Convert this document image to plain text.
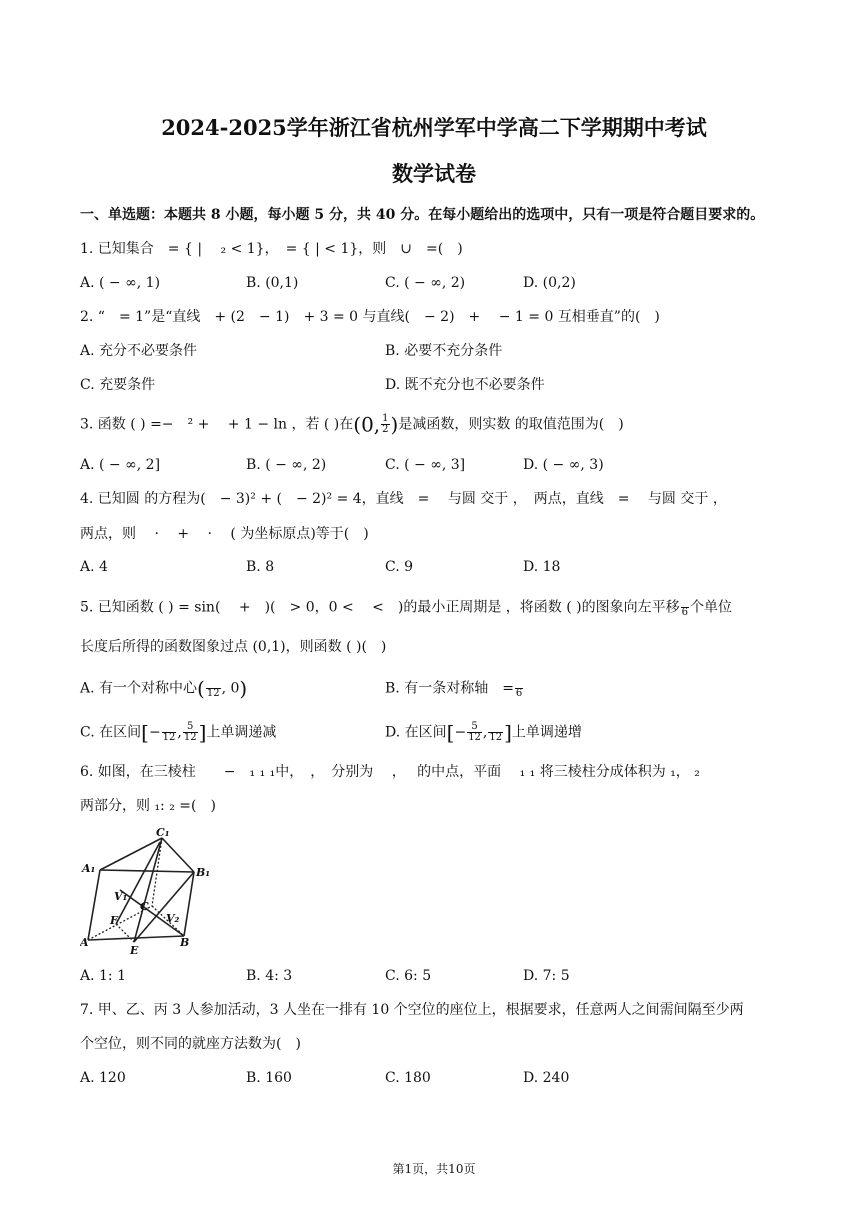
2024-2025学年浙江省杭州学军中学高二下学期期中考试
数学试卷
一、单选题：本题共 8 小题，每小题 5 分，共 40 分。在每小题给出的选项中，只有一项是符合题目要求的。
1. 已知集合　= { |　 ₂ < 1}，　= { | < 1}，则　∪　=(　)
A. ( − ∞, 1)	B. (0,1)	C. ( − ∞, 2)	D. (0,2)
2. “　= 1”是“直线　+ (2　− 1)　+ 3 = 0 与直线(　− 2)　+　 − 1 = 0 互相垂直”的(　)
A. 充分不必要条件	B. 必要不充分条件
C. 充要条件	D. 既不充分也不必要条件
3. 函数 ( ) =−　² +　 + 1 − ln ，若 ( )在(0, $\frac{1}{2}$ )是减函数，则实数 的取值范围为(　)
A. ( − ∞, 2]	B. ( − ∞, 2)	C. ( − ∞, 3]	D. ( − ∞, 3)
4. 已知圆 的方程为(　− 3)² + (　− 2)² = 4，直线　=　 与圆 交于 ，　两点，直线　=　 与圆 交于 ，
两点，则　 ·　 +　 ·　 ( 为坐标原点)等于(　)
A. 4	B. 8	C. 9	D. 18
5. 已知函数 ( ) = sin(　 +　)(　> 0，0 <　 <　)的最小正周期是 ，将函数 ( )的图象向左平移
6 个单位
长度后所得的函数图象过点 (0,1)，则函数 ( )(　)
A. 有一个对称中心(
12 , 0)	B. 有一条对称轴　=
6
C. 在区间[−
12 , $\frac{5}{12}$ ]上单调递减	D. 在区间[− $\frac{5}{12}$ ,
12 ]上单调递增
6. 如图，在三棱柱　　−　₁ ₁ ₁中，　，　分别为　 ，　 的中点，平面　 ₁ ₁ 将三棱柱分成体积为 ₁， ₂
两部分，则 ₁: ₂ =(　)
C₁
A₁	B₁
V₁
V₂
F
C
A
E
B
A. 1: 1	B. 4: 3	C. 6: 5	D. 7: 5
7. 甲、乙、丙 3 人参加活动，3 人坐在一排有 10 个空位的座位上，根据要求，任意两人之间需间隔至少两
个空位，则不同的就座方法数为(　)
A. 120	B. 160	C. 180	D. 240
第1页，共10页
